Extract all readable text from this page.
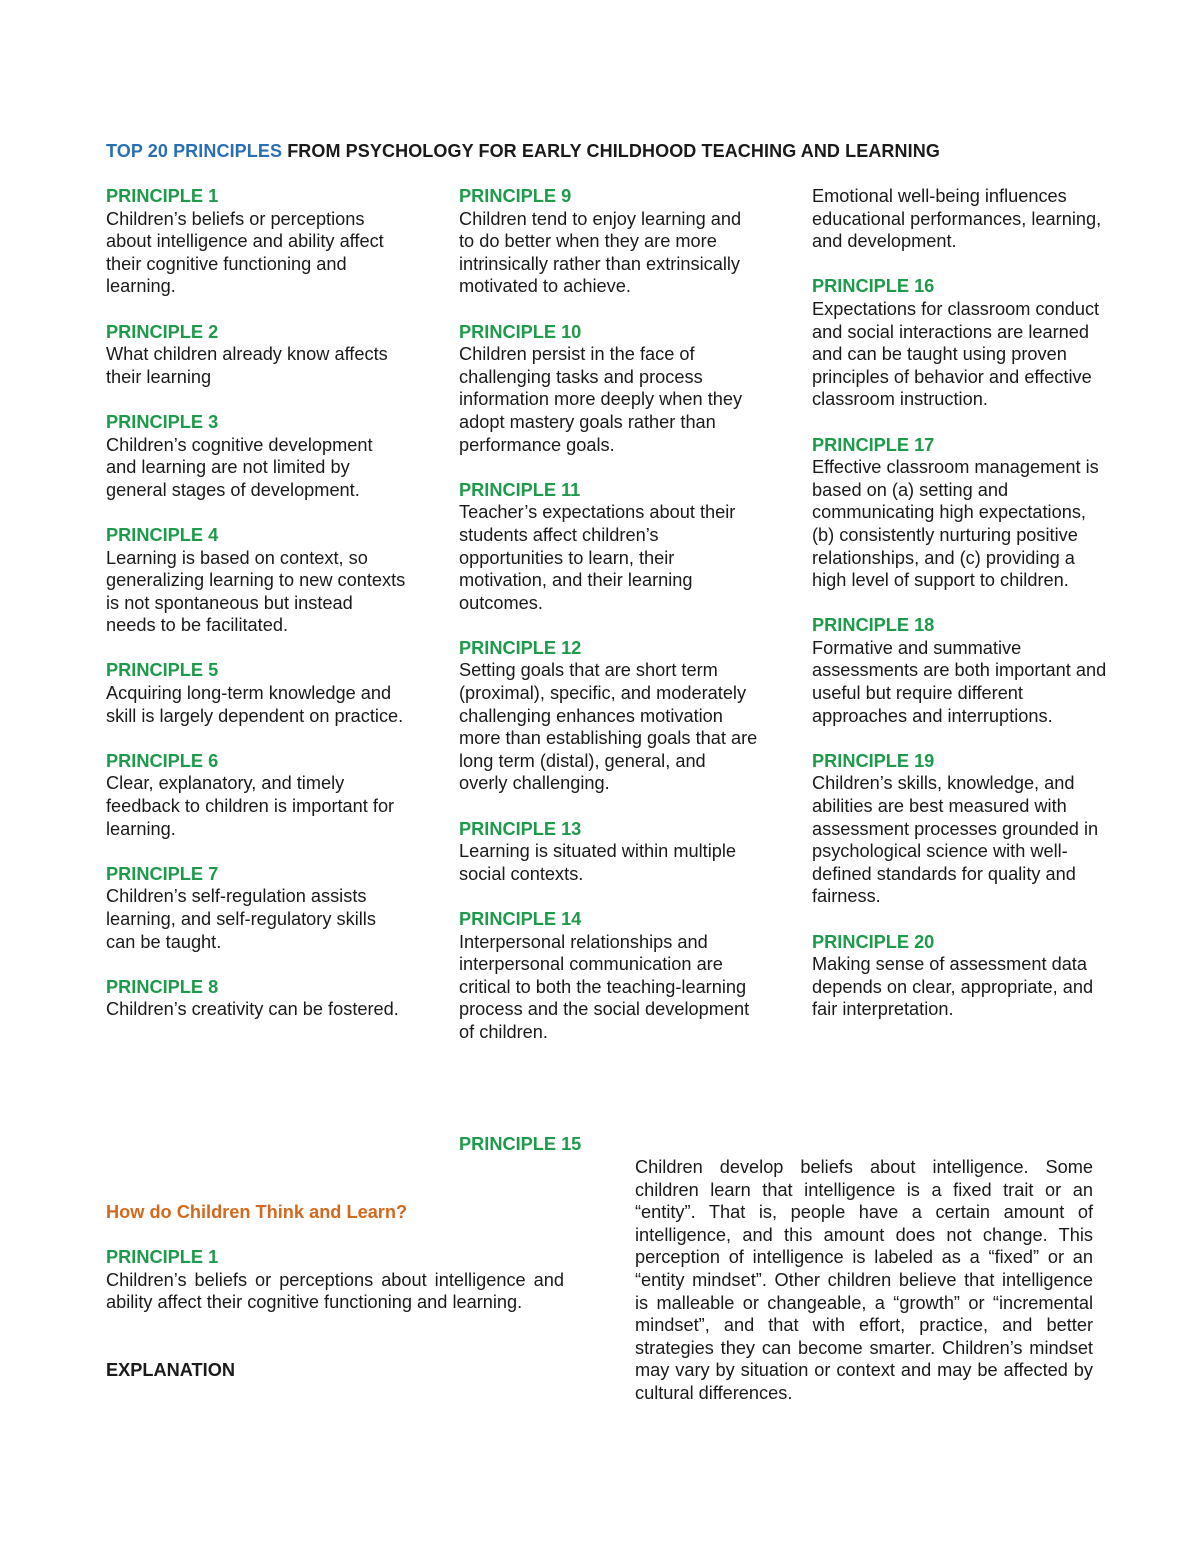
TOP 20 PRINCIPLES FROM PSYCHOLOGY FOR EARLY CHILDHOOD TEACHING AND LEARNING
PRINCIPLE 1
Children’s beliefs or perceptions about intelligence and ability affect their cognitive functioning and learning.
PRINCIPLE 2
What children already know affects their learning
PRINCIPLE 3
Children’s cognitive development and learning are not limited by general stages of development.
PRINCIPLE 4
Learning is based on context, so generalizing learning to new contexts is not spontaneous but instead needs to be facilitated.
PRINCIPLE 5
Acquiring long-term knowledge and skill is largely dependent on practice.
PRINCIPLE 6
Clear, explanatory, and timely feedback to children is important for learning.
PRINCIPLE 7
Children’s self-regulation assists learning, and self-regulatory skills can be taught.
PRINCIPLE 8
Children’s creativity can be fostered.
PRINCIPLE 9
Children tend to enjoy learning and to do better when they are more intrinsically rather than extrinsically motivated to achieve.
PRINCIPLE 10
Children persist in the face of challenging tasks and process information more deeply when they adopt mastery goals rather than performance goals.
PRINCIPLE 11
Teacher’s expectations about their students affect children’s opportunities to learn, their motivation, and their learning outcomes.
PRINCIPLE 12
Setting goals that are short term (proximal), specific, and moderately challenging enhances motivation more than establishing goals that are long term (distal), general, and overly challenging.
PRINCIPLE 13
Learning is situated within multiple social contexts.
PRINCIPLE 14
Interpersonal relationships and interpersonal communication are critical to both the teaching-learning process and the social development of children.
PRINCIPLE 15
Emotional well-being influences educational performances, learning, and development.
PRINCIPLE 16
Expectations for classroom conduct and social interactions are learned and can be taught using proven principles of behavior and effective classroom instruction.
PRINCIPLE 17
Effective classroom management is based on (a) setting and communicating high expectations, (b) consistently nurturing positive relationships, and (c) providing a high level of support to children.
PRINCIPLE 18
Formative and summative assessments are both important and useful but require different approaches and interruptions.
PRINCIPLE 19
Children’s skills, knowledge, and abilities are best measured with assessment processes grounded in psychological science with well-defined standards for quality and fairness.
PRINCIPLE 20
Making sense of assessment data depends on clear, appropriate, and fair interpretation.
How do Children Think and Learn?
PRINCIPLE 1
Children’s beliefs or perceptions about intelligence and ability affect their cognitive functioning and learning.
EXPLANATION
Children develop beliefs about intelligence. Some children learn that intelligence is a fixed trait or an “entity”. That is, people have a certain amount of intelligence, and this amount does not change. This perception of intelligence is labeled as a “fixed” or an “entity mindset”. Other children believe that intelligence is malleable or changeable, a “growth” or “incremental mindset”, and that with effort, practice, and better strategies they can become smarter. Children’s mindset may vary by situation or context and may be affected by cultural differences.
